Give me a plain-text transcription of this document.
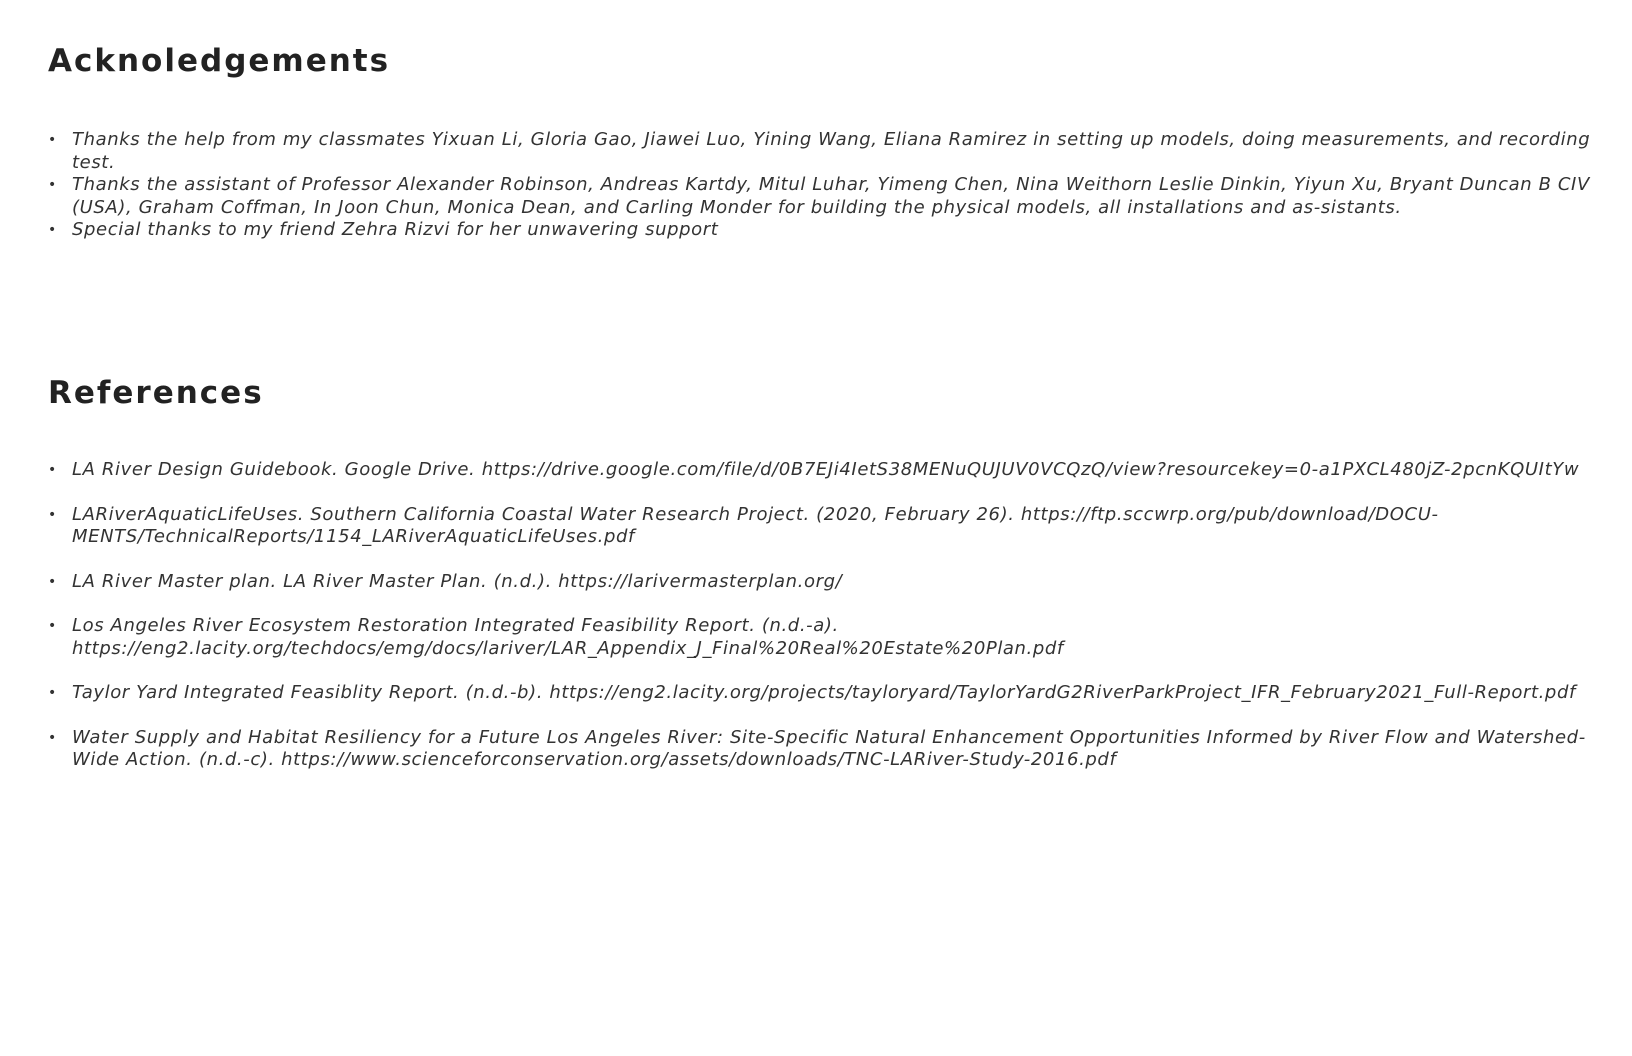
Acknoledgements
• Thanks the help from my classmates Yixuan Li, Gloria Gao, Jiawei Luo, Yining Wang, Eliana Ramirez in setting up models, doing measurements, and recording test.
• Thanks the assistant of Professor Alexander Robinson, Andreas Kartdy, Mitul Luhar, Yimeng Chen, Nina Weithorn Leslie Dinkin, Yiyun Xu, Bryant Duncan B CIV (USA), Graham Coffman, In Joon Chun, Monica Dean, and Carling Monder for building the physical models, all installations and as-sistants.
• Special thanks to my friend Zehra Rizvi for her unwavering support
References
• LA River Design Guidebook. Google Drive. https://drive.google.com/file/d/0B7EJi4IetS38MENuQUJUV0VCQzQ/view?resourcekey=0-a1PXCL480jZ-2pcnKQUItYw
• LARiverAquaticLifeUses. Southern California Coastal Water Research Project. (2020, February 26). https://ftp.sccwrp.org/pub/download/DOCU-MENTS/TechnicalReports/1154_LARiverAquaticLifeUses.pdf
• LA River Master plan. LA River Master Plan. (n.d.). https://larivermasterplan.org/
• Los Angeles River Ecosystem Restoration Integrated Feasibility Report. (n.d.-a). https://eng2.lacity.org/techdocs/emg/docs/lariver/LAR_Appendix_J_Final%20Real%20Estate%20Plan.pdf
• Taylor Yard Integrated Feasiblity Report. (n.d.-b). https://eng2.lacity.org/projects/tayloryard/TaylorYardG2RiverParkProject_IFR_February2021_Full-Report.pdf
• Water Supply and Habitat Resiliency for a Future Los Angeles River: Site-Specific Natural Enhancement Opportunities Informed by River Flow and Watershed-Wide Action. (n.d.-c). https://www.scienceforconservation.org/assets/downloads/TNC-LARiver-Study-2016.pdf
